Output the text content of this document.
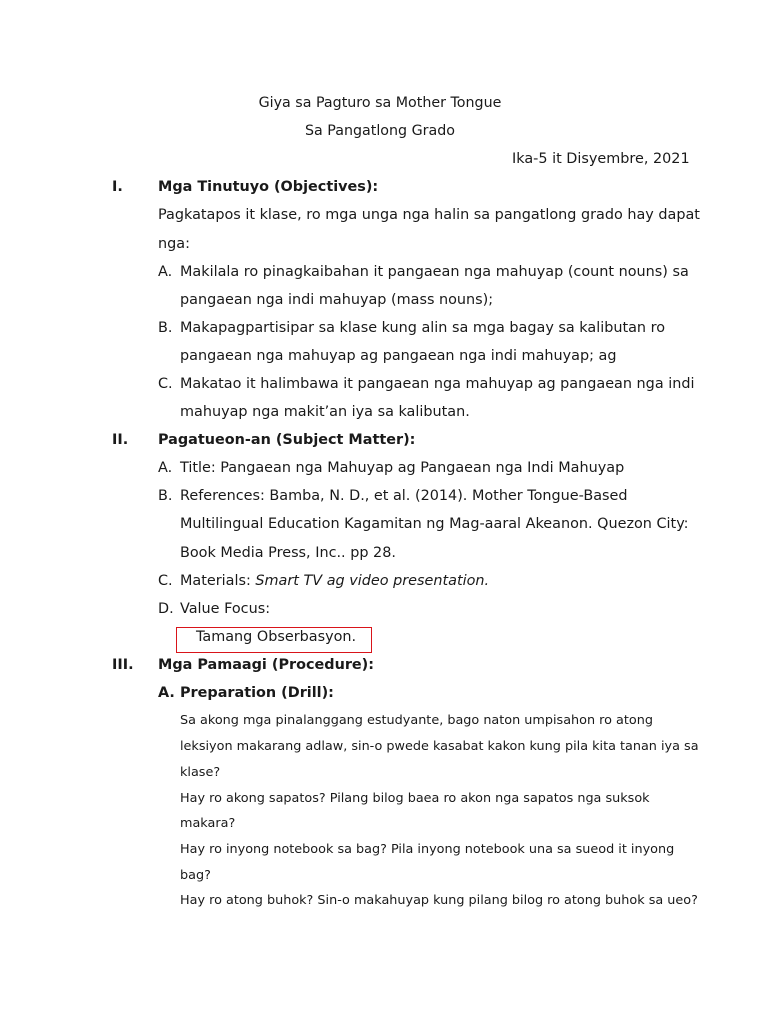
Giya sa Pagturo sa Mother Tongue
Sa Pangatlong Grado
Ika-5 it Disyembre, 2021
I. Mga Tinutuyo (Objectives):
Pagkatapos it klase, ro mga unga nga halin sa pangatlong grado hay dapat
nga:
A. Makilala ro pinagkaibahan it pangaean nga mahuyap (count nouns) sa
pangaean nga indi mahuyap (mass nouns);
B. Makapagpartisipar sa klase kung alin sa mga bagay sa kalibutan ro
pangaean nga mahuyap ag pangaean nga indi mahuyap; ag
C. Makatao it halimbawa it pangaean nga mahuyap ag pangaean nga indi
mahuyap nga makit’an iya sa kalibutan.
II. Pagatueon-an (Subject Matter):
A. Title: Pangaean nga Mahuyap ag Pangaean nga Indi Mahuyap
B. References: Bamba, N. D., et al. (2014). Mother Tongue-Based
Multilingual Education Kagamitan ng Mag-aaral Akeanon. Quezon City:
Book Media Press, Inc.. pp 28.
C. Materials: Smart TV ag video presentation.
D. Value Focus:
Tamang Obserbasyon.
III. Mga Pamaagi (Procedure):
A. Preparation (Drill):
Sa akong mga pinalanggang estudyante, bago naton umpisahon ro atong
leksiyon makarang adlaw, sin-o pwede kasabat kakon kung pila kita tanan iya sa
klase?
Hay ro akong sapatos? Pilang bilog baea ro akon nga sapatos nga suksok
makara?
Hay ro inyong notebook sa bag? Pila inyong notebook una sa sueod it inyong
bag?
Hay ro atong buhok? Sin-o makahuyap kung pilang bilog ro atong buhok sa ueo?
